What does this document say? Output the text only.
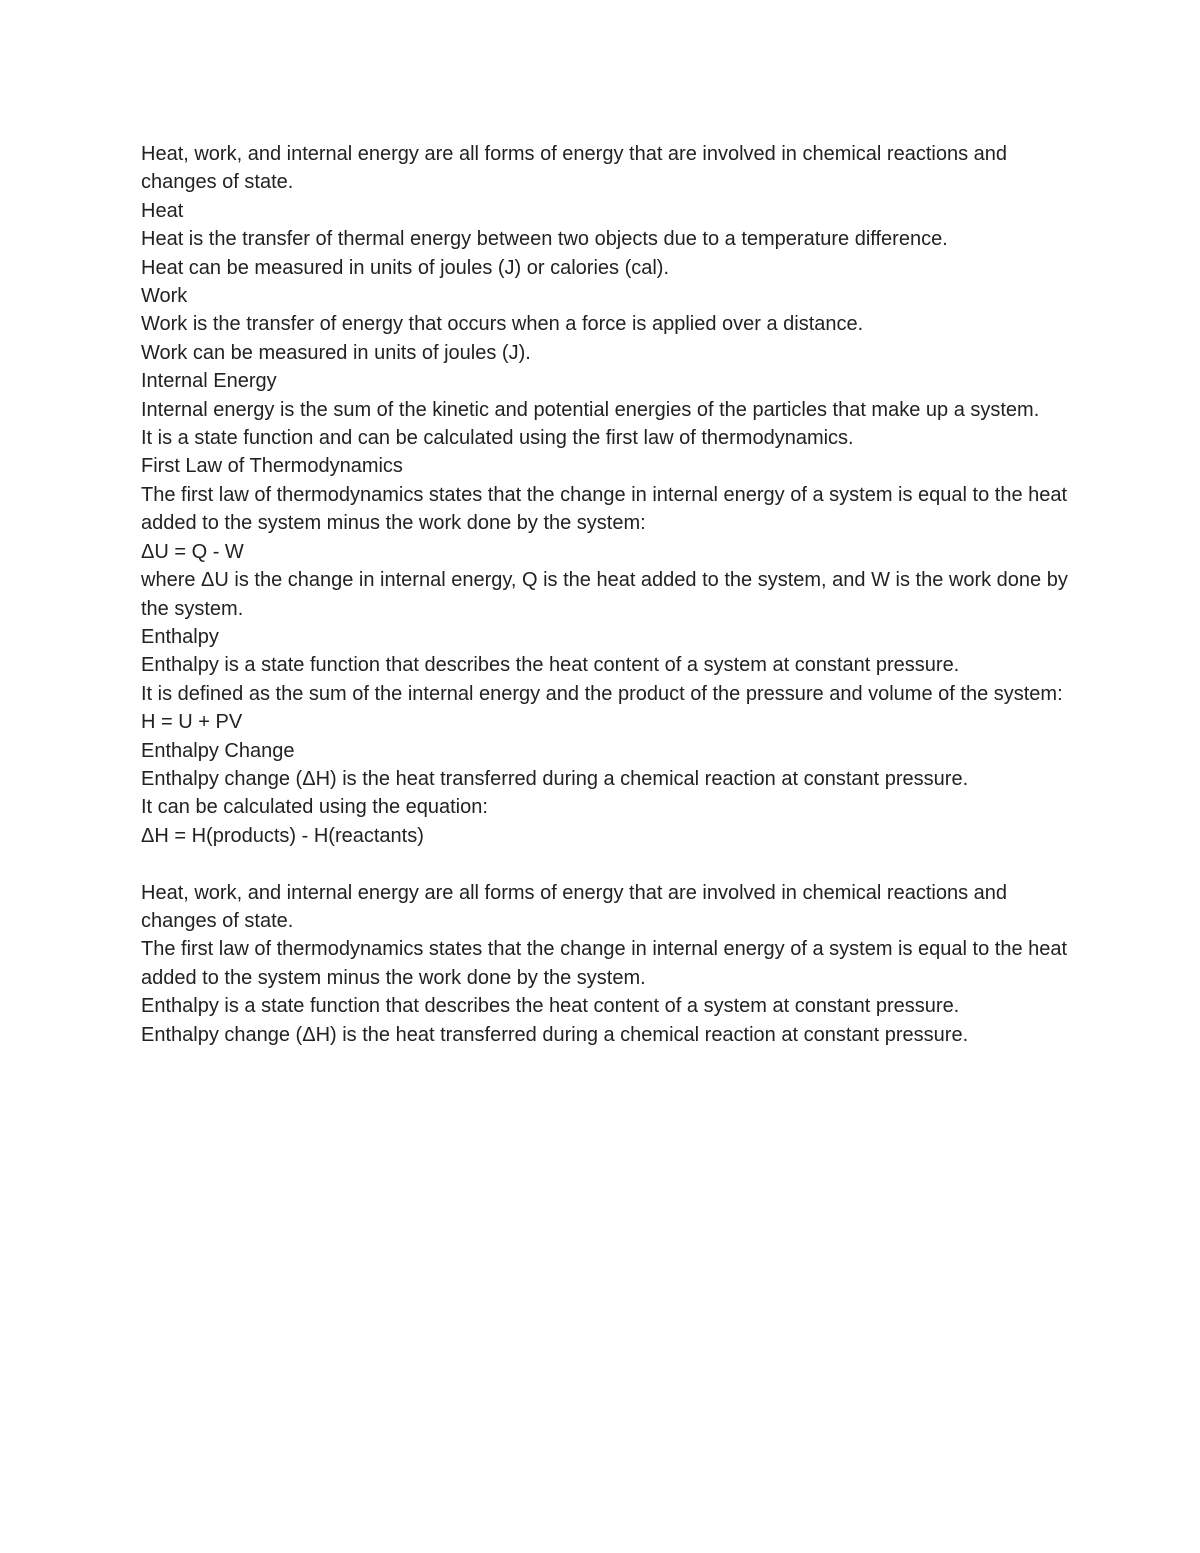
Heat, work, and internal energy are all forms of energy that are involved in chemical reactions and changes of state.

Heat

Heat is the transfer of thermal energy between two objects due to a temperature difference.

Heat can be measured in units of joules (J) or calories (cal).

Work

Work is the transfer of energy that occurs when a force is applied over a distance.

Work can be measured in units of joules (J).

Internal Energy

Internal energy is the sum of the kinetic and potential energies of the particles that make up a system.

It is a state function and can be calculated using the first law of thermodynamics.

First Law of Thermodynamics

The first law of thermodynamics states that the change in internal energy of a system is equal to the heat added to the system minus the work done by the system:

ΔU = Q - W

where ΔU is the change in internal energy, Q is the heat added to the system, and W is the work done by the system.

Enthalpy

Enthalpy is a state function that describes the heat content of a system at constant pressure.

It is defined as the sum of the internal energy and the product of the pressure and volume of the system:

H = U + PV

Enthalpy Change

Enthalpy change (ΔH) is the heat transferred during a chemical reaction at constant pressure.

It can be calculated using the equation:

ΔH = H(products) - H(reactants)

Heat, work, and internal energy are all forms of energy that are involved in chemical reactions and changes of state.

The first law of thermodynamics states that the change in internal energy of a system is equal to the heat added to the system minus the work done by the system.

Enthalpy is a state function that describes the heat content of a system at constant pressure.

Enthalpy change (ΔH) is the heat transferred during a chemical reaction at constant pressure.
